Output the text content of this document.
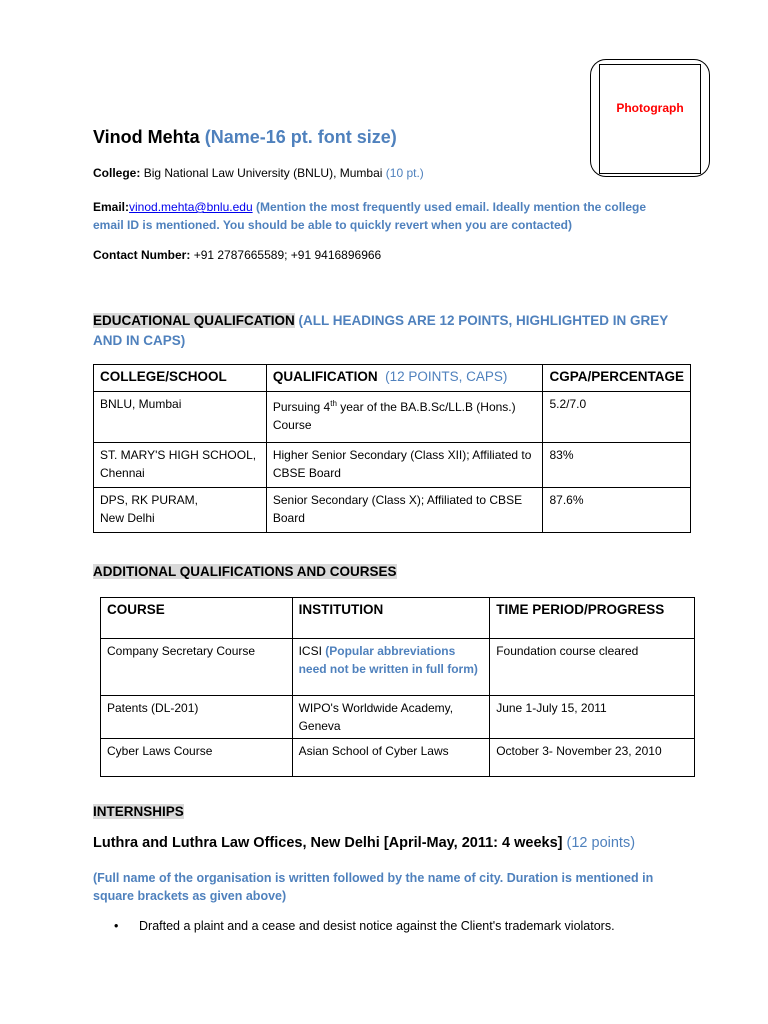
Photograph
Vinod Mehta (Name-16 pt. font size)
College: Big National Law University (BNLU), Mumbai (10 pt.)
Email:vinod.mehta@bnlu.edu (Mention the most frequently used email. Ideally mention the college email ID is mentioned. You should be able to quickly revert when you are contacted)
Contact Number: +91 2787665589; +91 9416896966
EDUCATIONAL QUALIFCATION (ALL HEADINGS ARE 12 POINTS, HIGHLIGHTED IN GREY AND IN CAPS)
COLLEGE/SCHOOL	QUALIFICATION (12 POINTS, CAPS)	CGPA/PERCENTAGE
BNLU, Mumbai	Pursuing 4th year of the BA.B.Sc/LL.B (Hons.) Course	5.2/7.0
ST. MARY'S HIGH SCHOOL, Chennai	Higher Senior Secondary (Class XII); Affiliated to CBSE Board	83%
DPS, RK PURAM,
New Delhi	Senior Secondary (Class X); Affiliated to CBSE Board	87.6%
ADDITIONAL QUALIFICATIONS AND COURSES
COURSE	INSTITUTION	TIME PERIOD/PROGRESS
Company Secretary Course	ICSI (Popular abbreviations need not be written in full form)	Foundation course cleared
Patents (DL-201)	WIPO's Worldwide Academy, Geneva	June 1-July 15, 2011
Cyber Laws Course	Asian School of Cyber Laws	October 3- November 23, 2010
INTERNSHIPS
Luthra and Luthra Law Offices, New Delhi [April-May, 2011: 4 weeks] (12 points)
(Full name of the organisation is written followed by the name of city. Duration is mentioned in square brackets as given above)
•	Drafted a plaint and a cease and desist notice against the Client's trademark violators.
